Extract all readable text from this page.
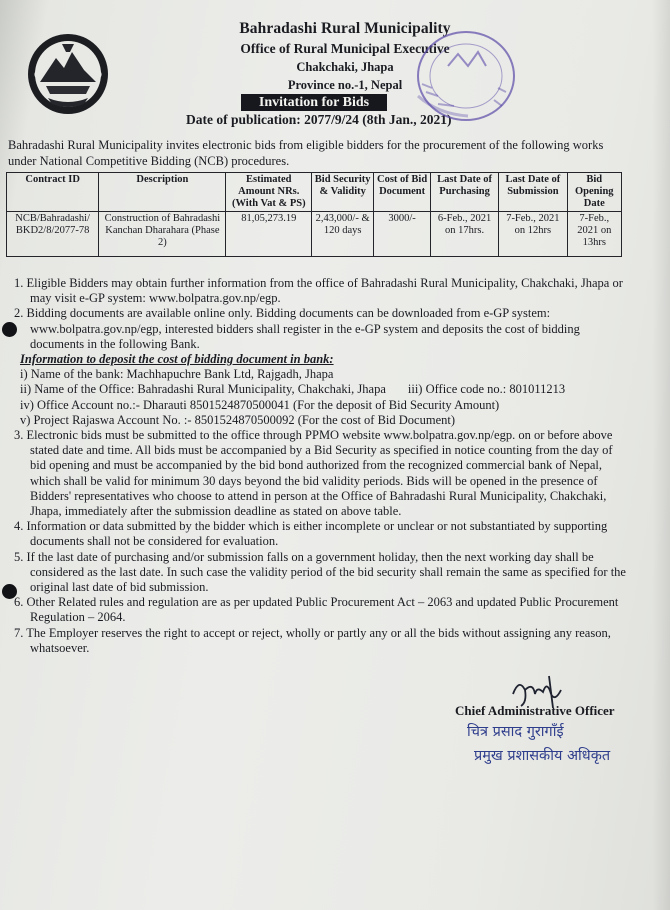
Bahradashi Rural Municipality
Office of Rural Municipal Executive
Chakchaki, Jhapa
Province no.-1, Nepal
Invitation for Bids
Date of publication: 2077/9/24 (8th Jan., 2021)
Bahradashi Rural Municipality invites electronic bids from eligible bidders for the procurement of the following works under National Competitive Bidding (NCB) procedures.
Contract ID	Description	Estimated Amount NRs. (With Vat & PS)	Bid Security & Validity	Cost of Bid Document	Last Date of Purchasing	Last Date of Submission	Bid Opening Date
NCB/Bahradashi/ BKD2/8/2077-78	Construction of Bahradashi Kanchan Dharahara (Phase 2)	81,05,273.19	2,43,000/- & 120 days	3000/-	6-Feb., 2021 on 17hrs.	7-Feb., 2021 on 12hrs	7-Feb., 2021 on 13hrs

1. Eligible Bidders may obtain further information from the office of Bahradashi Rural Municipality, Chakchaki, Jhapa or may visit e-GP system: www.bolpatra.gov.np/egp.

2. Bidding documents are available online only. Bidding documents can be downloaded from e-GP system: www.bolpatra.gov.np/egp, interested bidders shall register in the e-GP system and deposits the cost of bidding documents in the following Bank.

Information to deposit the cost of bidding document in bank:

i) Name of the bank: Machhapuchre Bank Ltd, Rajgadh, Jhapa

ii) Name of the Office: Bahradashi Rural Municipality, Chakchaki, Jhapa iii) Office code no.: 801011213

iv) Office Account no.:- Dharauti 8501524870500041 (For the deposit of Bid Security Amount)

v) Project Rajaswa Account No. :- 8501524870500092 (For the cost of Bid Document)

3. Electronic bids must be submitted to the office through PPMO website www.bolpatra.gov.np/egp. on or before above stated date and time. All bids must be accompanied by a Bid Security as specified in notice counting from the day of bid opening and must be accompanied by the bid bond authorized from the recognized commercial bank of Nepal, which shall be valid for minimum 30 days beyond the bid validity periods. Bids will be opened in the presence of Bidders' representatives who choose to attend in person at the Office of Bahradashi Rural Municipality, Chakchaki, Jhapa, immediately after the submission deadline as stated on above table.

4. Information or data submitted by the bidder which is either incomplete or unclear or not substantiated by supporting documents shall not be considered for evaluation.

5. If the last date of purchasing and/or submission falls on a government holiday, then the next working day shall be considered as the last date. In such case the validity period of the bid security shall remain the same as specified for the original last date of bid submission.

6. Other Related rules and regulation are as per updated Public Procurement Act – 2063 and updated Public Procurement Regulation – 2064.

7. The Employer reserves the right to accept or reject, wholly or partly any or all the bids without assigning any reason, whatsoever.

Chief Administrative Officer
चित्र प्रसाद गुरागाँई
प्रमुख प्रशासकीय अधिकृत
